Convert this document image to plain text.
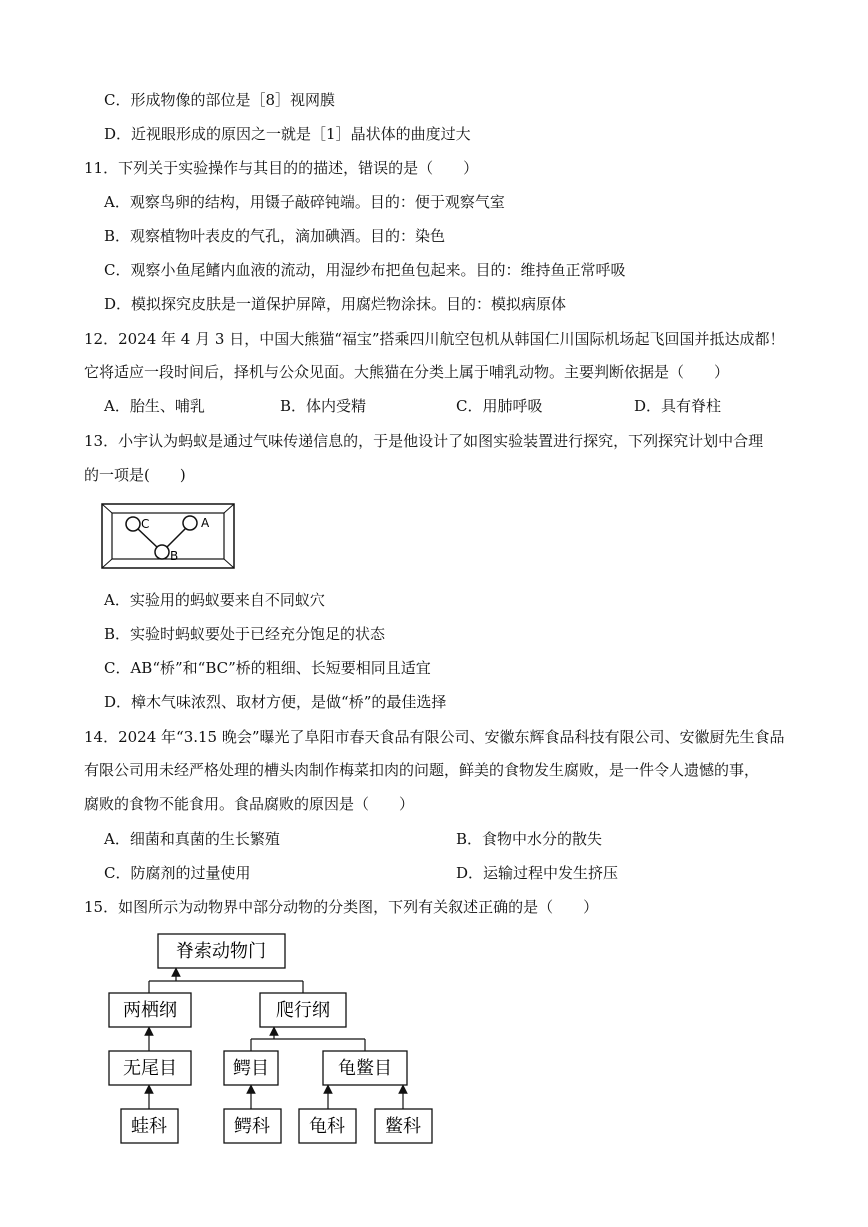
C．形成物像的部位是［8］视网膜
D．近视眼形成的原因之一就是［1］晶状体的曲度过大
11．下列关于实验操作与其目的的描述，错误的是（　　）
A．观察鸟卵的结构，用镊子敲碎钝端。目的：便于观察气室
B．观察植物叶表皮的气孔，滴加碘酒。目的：染色
C．观察小鱼尾鳍内血液的流动，用湿纱布把鱼包起来。目的：维持鱼正常呼吸
D．模拟探究皮肤是一道保护屏障，用腐烂物涂抹。目的：模拟病原体
12．2024 年 4 月 3 日，中国大熊猫“福宝”搭乘四川航空包机从韩国仁川国际机场起飞回国并抵达成都！
它将适应一段时间后，择机与公众见面。大熊猫在分类上属于哺乳动物。主要判断依据是（　　）
A．胎生、哺乳	B．体内受精	C．用肺呼吸	D．具有脊柱
13．小宇认为蚂蚁是通过气味传递信息的，于是他设计了如图实验装置进行探究，下列探究计划中合理
的一项是(　　)
C	A
B
A．实验用的蚂蚁要来自不同蚁穴
B．实验时蚂蚁要处于已经充分饱足的状态
C．AB“桥”和“BC”桥的粗细、长短要相同且适宜
D．樟木气味浓烈、取材方便，是做“桥”的最佳选择
14．2024 年“3.15 晚会”曝光了阜阳市春天食品有限公司、安徽东辉食品科技有限公司、安徽厨先生食品
有限公司用未经严格处理的槽头肉制作梅菜扣肉的问题，鲜美的食物发生腐败，是一件令人遗憾的事，
腐败的食物不能食用。食品腐败的原因是（　　）
A．细菌和真菌的生长繁殖	B．食物中水分的散失
C．防腐剂的过量使用	D．运输过程中发生挤压
15．如图所示为动物界中部分动物的分类图，下列有关叙述正确的是（　　）
脊索动物门
两栖纲	爬行纲
无尾目	鳄目	龟鳖目
蛙科	鳄科 龟科 鳖科
